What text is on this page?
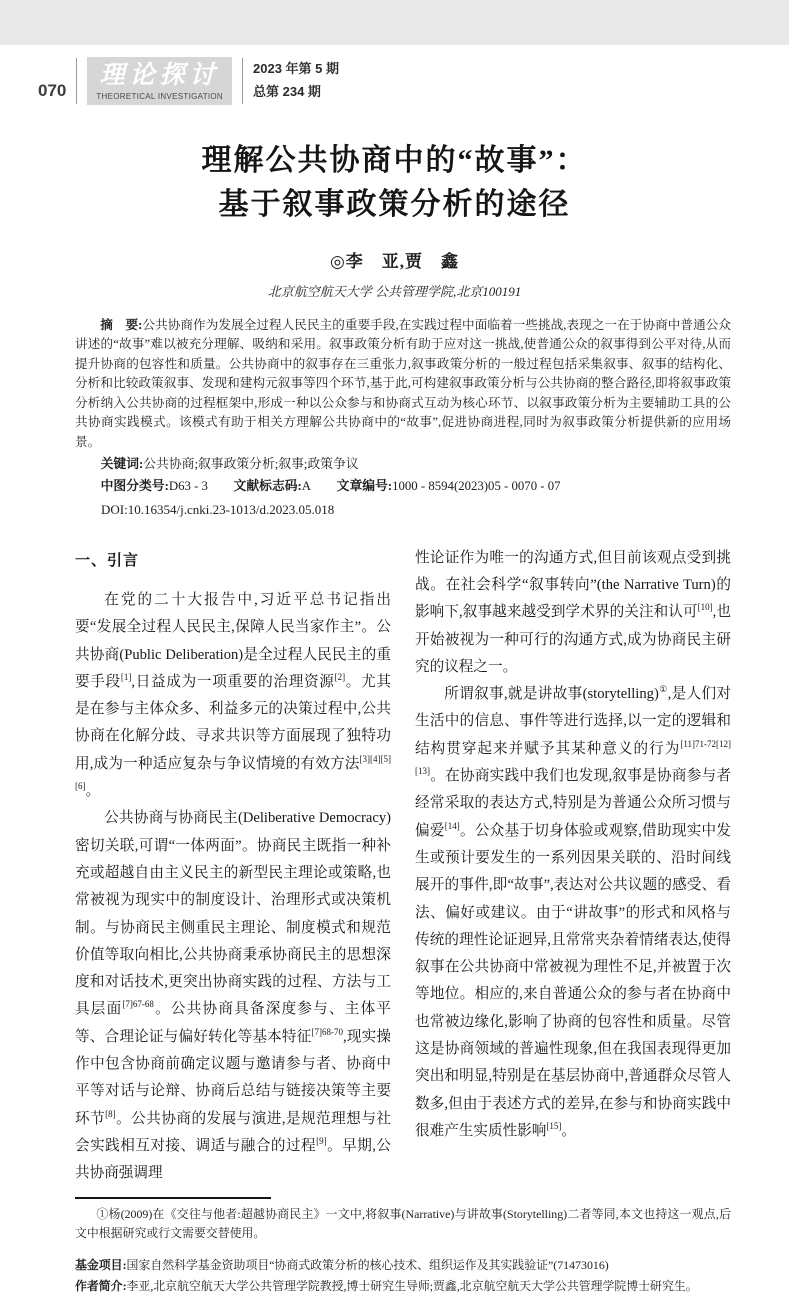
070
理论探讨
THEORETICAL INVESTIGATION
2023 年第 5 期
总第 234 期
理解公共协商中的“故事”：
基于叙事政策分析的途径
◎李　亚,贾　鑫
北京航空航天大学 公共管理学院,北京100191

摘　要:公共协商作为发展全过程人民民主的重要手段,在实践过程中面临着一些挑战,表现之一在于协商中普通公众讲述的“故事”难以被充分理解、吸纳和采用。叙事政策分析有助于应对这一挑战,使普通公众的叙事得到公平对待,从而提升协商的包容性和质量。公共协商中的叙事存在三重张力,叙事政策分析的一般过程包括采集叙事、叙事的结构化、分析和比较政策叙事、发现和建构元叙事等四个环节,基于此,可构建叙事政策分析与公共协商的整合路径,即将叙事政策分析纳入公共协商的过程框架中,形成一种以公众参与和协商式互动为核心环节、以叙事政策分析为主要辅助工具的公共协商实践模式。该模式有助于相关方理解公共协商中的“故事”,促进协商进程,同时为叙事政策分析提供新的应用场景。

关键词:公共协商;叙事政策分析;叙事;政策争议

中图分类号:D63 - 3 文献标志码:A 文章编号:1000 - 8594(2023)05 - 0070 - 07

DOI:10.16354/j.cnki.23-1013/d.2023.05.018

一、引言

在党的二十大报告中,习近平总书记指出要“发展全过程人民民主,保障人民当家作主”。公共协商(Public Deliberation)是全过程人民民主的重要手段[1],日益成为一项重要的治理资源[2]。尤其是在参与主体众多、利益多元的决策过程中,公共协商在化解分歧、寻求共识等方面展现了独特功用,成为一种适应复杂与争议情境的有效方法[3][4][5][6]。

公共协商与协商民主(Deliberative Democracy)密切关联,可谓“一体两面”。协商民主既指一种补充或超越自由主义民主的新型民主理论或策略,也常被视为现实中的制度设计、治理形式或决策机制。与协商民主侧重民主理论、制度模式和规范价值等取向相比,公共协商秉承协商民主的思想深度和对话技术,更突出协商实践的过程、方法与工具层面$^{[7]67-68}$。公共协商具备深度参与、主体平等、合理论证与偏好转化等基本特征$^{[7]68-70}$,现实操作中包含协商前确定议题与邀请参与者、协商中平等对话与论辩、协商后总结与链接决策等主要环节[8]。公共协商的发展与演进,是规范理想与社会实践相互对接、调适与融合的过程[9]。早期,公共协商强调理

性论证作为唯一的沟通方式,但目前该观点受到挑战。在社会科学“叙事转向”(the Narrative Turn)的影响下,叙事越来越受到学术界的关注和认可[10],也开始被视为一种可行的沟通方式,成为协商民主研究的议程之一。

所谓叙事,就是讲故事(storytelling)①,是人们对生活中的信息、事件等进行选择,以一定的逻辑和结构贯穿起来并赋予其某种意义的行为[11]71-72[12][13]。在协商实践中我们也发现,叙事是协商参与者经常采取的表达方式,特别是为普通公众所习惯与偏爱[14]。公众基于切身体验或观察,借助现实中发生或预计要发生的一系列因果关联的、沿时间线展开的事件,即“故事”,表达对公共议题的感受、看法、偏好或建议。由于“讲故事”的形式和风格与传统的理性论证迥异,且常常夹杂着情绪表达,使得叙事在公共协商中常被视为理性不足,并被置于次等地位。相应的,来自普通公众的参与者在协商中也常被边缘化,影响了协商的包容性和质量。尽管这是协商领域的普遍性现象,但在我国表现得更加突出和明显,特别是在基层协商中,普通群众尽管人数多,但由于表述方式的差异,在参与和协商实践中很难产生实质性影响[15]。

①杨(2009)在《交往与他者:超越协商民主》一文中,将叙事(Narrative)与讲故事(Storytelling)二者等同,本文也持这一观点,后文中根据研究或行文需要交替使用。

基金项目:国家自然科学基金资助项目“协商式政策分析的核心技术、组织运作及其实践验证”(71473016)

作者简介:李亚,北京航空航天大学公共管理学院教授,博士研究生导师;贾鑫,北京航空航天大学公共管理学院博士研究生。
